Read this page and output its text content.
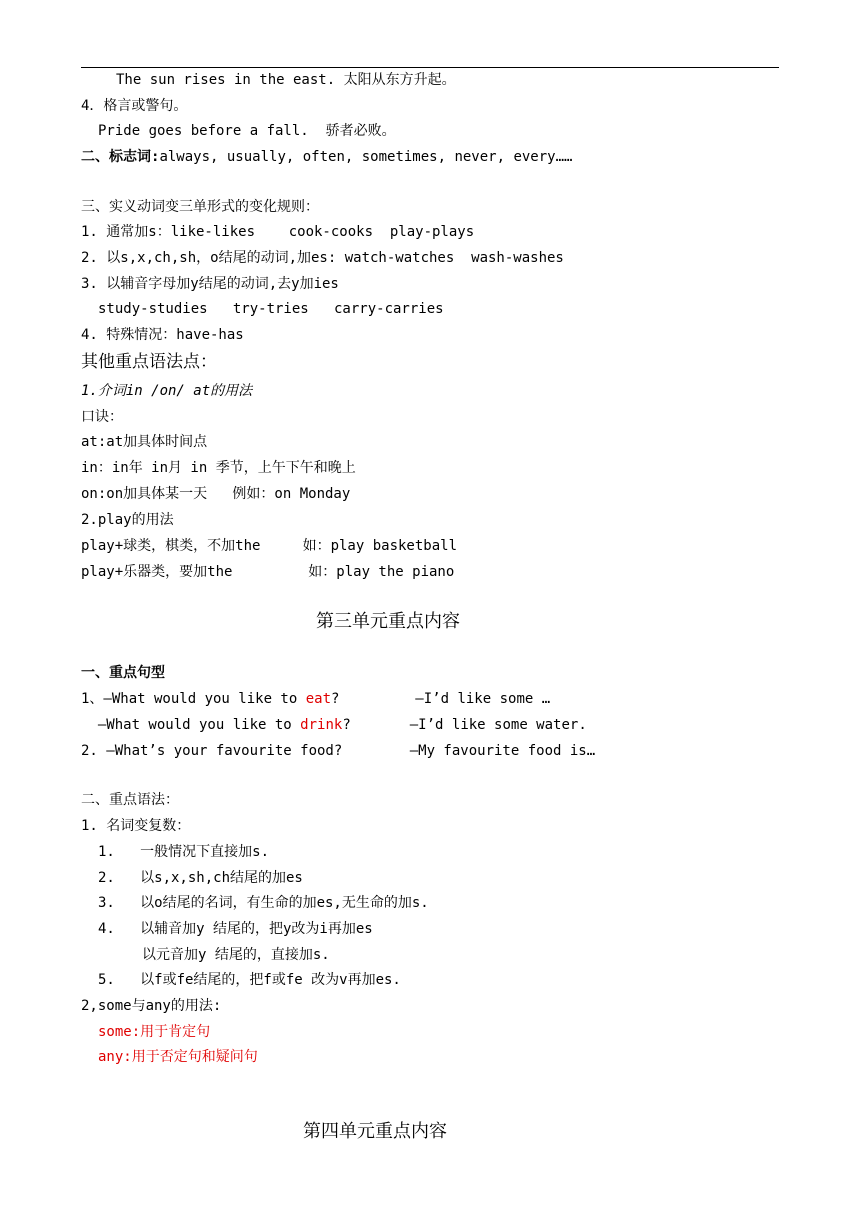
The sun rises in the east. 太阳从东方升起。
4．格言或警句。
Pride goes before a fall.  骄者必败。
二、标志词:always, usually, often, sometimes, never, every……
三、实义动词变三单形式的变化规则：
1. 通常加s：like-likes    cook-cooks  play-plays
2. 以s,x,ch,sh，o结尾的动词,加es: watch-watches  wash-washes
3. 以辅音字母加y结尾的动词,去y加ies
study-studies   try-tries   carry-carries
4. 特殊情况：have-has
其他重点语法点：
1.介词in /on/ at的用法
口诀：
at:at加具体时间点
in：in年 in月 in 季节，上午下午和晚上
on:on加具体某一天   例如：on Monday
2.play的用法
play+球类，棋类，不加the     如：play basketball
play+乐器类，要加the         如：play the piano
第三单元重点内容
一、重点句型
1、—What would you like to eat?         —I’d like some …
—What would you like to drink?       —I’d like some water.
2. —What’s your favourite food?        —My favourite food is…
二、重点语法：
1. 名词变复数：
1.   一般情况下直接加s.
2.   以s,x,sh,ch结尾的加es
3.   以o结尾的名词，有生命的加es,无生命的加s.
4.   以辅音加y 结尾的，把y改为i再加es
以元音加y 结尾的，直接加s.
5.   以f或fe结尾的，把f或fe 改为v再加es.
2,some与any的用法:
some:用于肯定句
any:用于否定句和疑问句
第四单元重点内容
